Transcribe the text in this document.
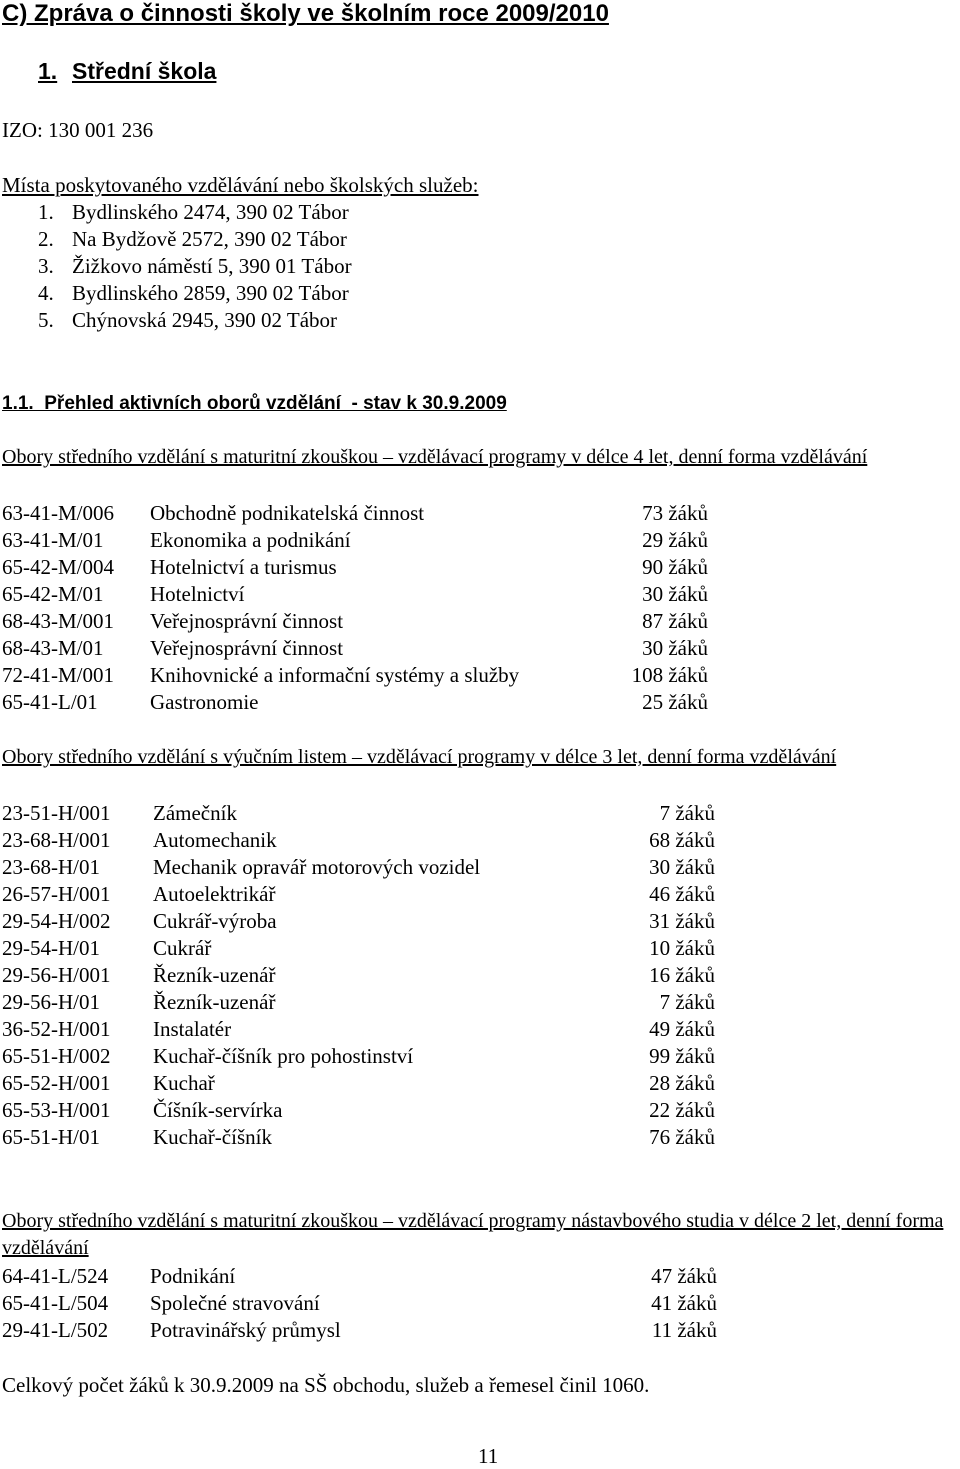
C) Zpráva o činnosti školy ve školním roce 2009/2010
1. Střední škola
IZO: 130 001 236
Místa poskytovaného vzdělávání nebo školských služeb:
1. Bydlinského 2474, 390 02 Tábor
2. Na Bydžově 2572, 390 02 Tábor
3. Žižkovo náměstí 5, 390 01 Tábor
4. Bydlinského 2859, 390 02 Tábor
5. Chýnovská 2945, 390 02 Tábor
1.1.  Přehled aktivních oborů vzdělání  - stav k 30.9.2009
Obory středního vzdělání s maturitní zkouškou – vzdělávací programy v délce 4 let, denní forma vzdělávání
63-41-M/006 Obchodně podnikatelská činnost	73 žáků
63-41-M/01 Ekonomika a podnikání	29 žáků
65-42-M/004 Hotelnictví a turismus	90 žáků
65-42-M/01 Hotelnictví	30 žáků
68-43-M/001 Veřejnosprávní činnost	87 žáků
68-43-M/01 Veřejnosprávní činnost	30 žáků
72-41-M/001 Knihovnické a informační systémy a služby	108 žáků
65-41-L/01 Gastronomie	25 žáků
Obory středního vzdělání s výučním listem – vzdělávací programy v délce 3 let, denní forma vzdělávání
23-51-H/001 Zámečník	7 žáků
23-68-H/001 Automechanik	68 žáků
23-68-H/01	Mechanik opravář motorových vozidel	30 žáků
26-57-H/001 Autoelektrikář	46 žáků
29-54-H/002 Cukrář-výroba	31 žáků
29-54-H/01	Cukrář	10 žáků
29-56-H/001 Řezník-uzenář	16 žáků
29-56-H/01	Řezník-uzenář	7 žáků
36-52-H/001 Instalatér	49 žáků
65-51-H/002 Kuchař-číšník pro pohostinství	99 žáků
65-52-H/001 Kuchař	28 žáků
65-53-H/001 Číšník-servírka	22 žáků
65-51-H/01	Kuchař-číšník	76 žáků
Obory středního vzdělání s maturitní zkouškou – vzdělávací programy nástavbového studia v délce 2 let, denní forma vzdělávání
64-41-L/524 Podnikání	47 žáků
65-41-L/504 Společné stravování	41 žáků
29-41-L/502 Potravinářský průmysl	11 žáků
Celkový počet žáků k 30.9.2009 na SŠ obchodu, služeb a řemesel činil 1060.
11
